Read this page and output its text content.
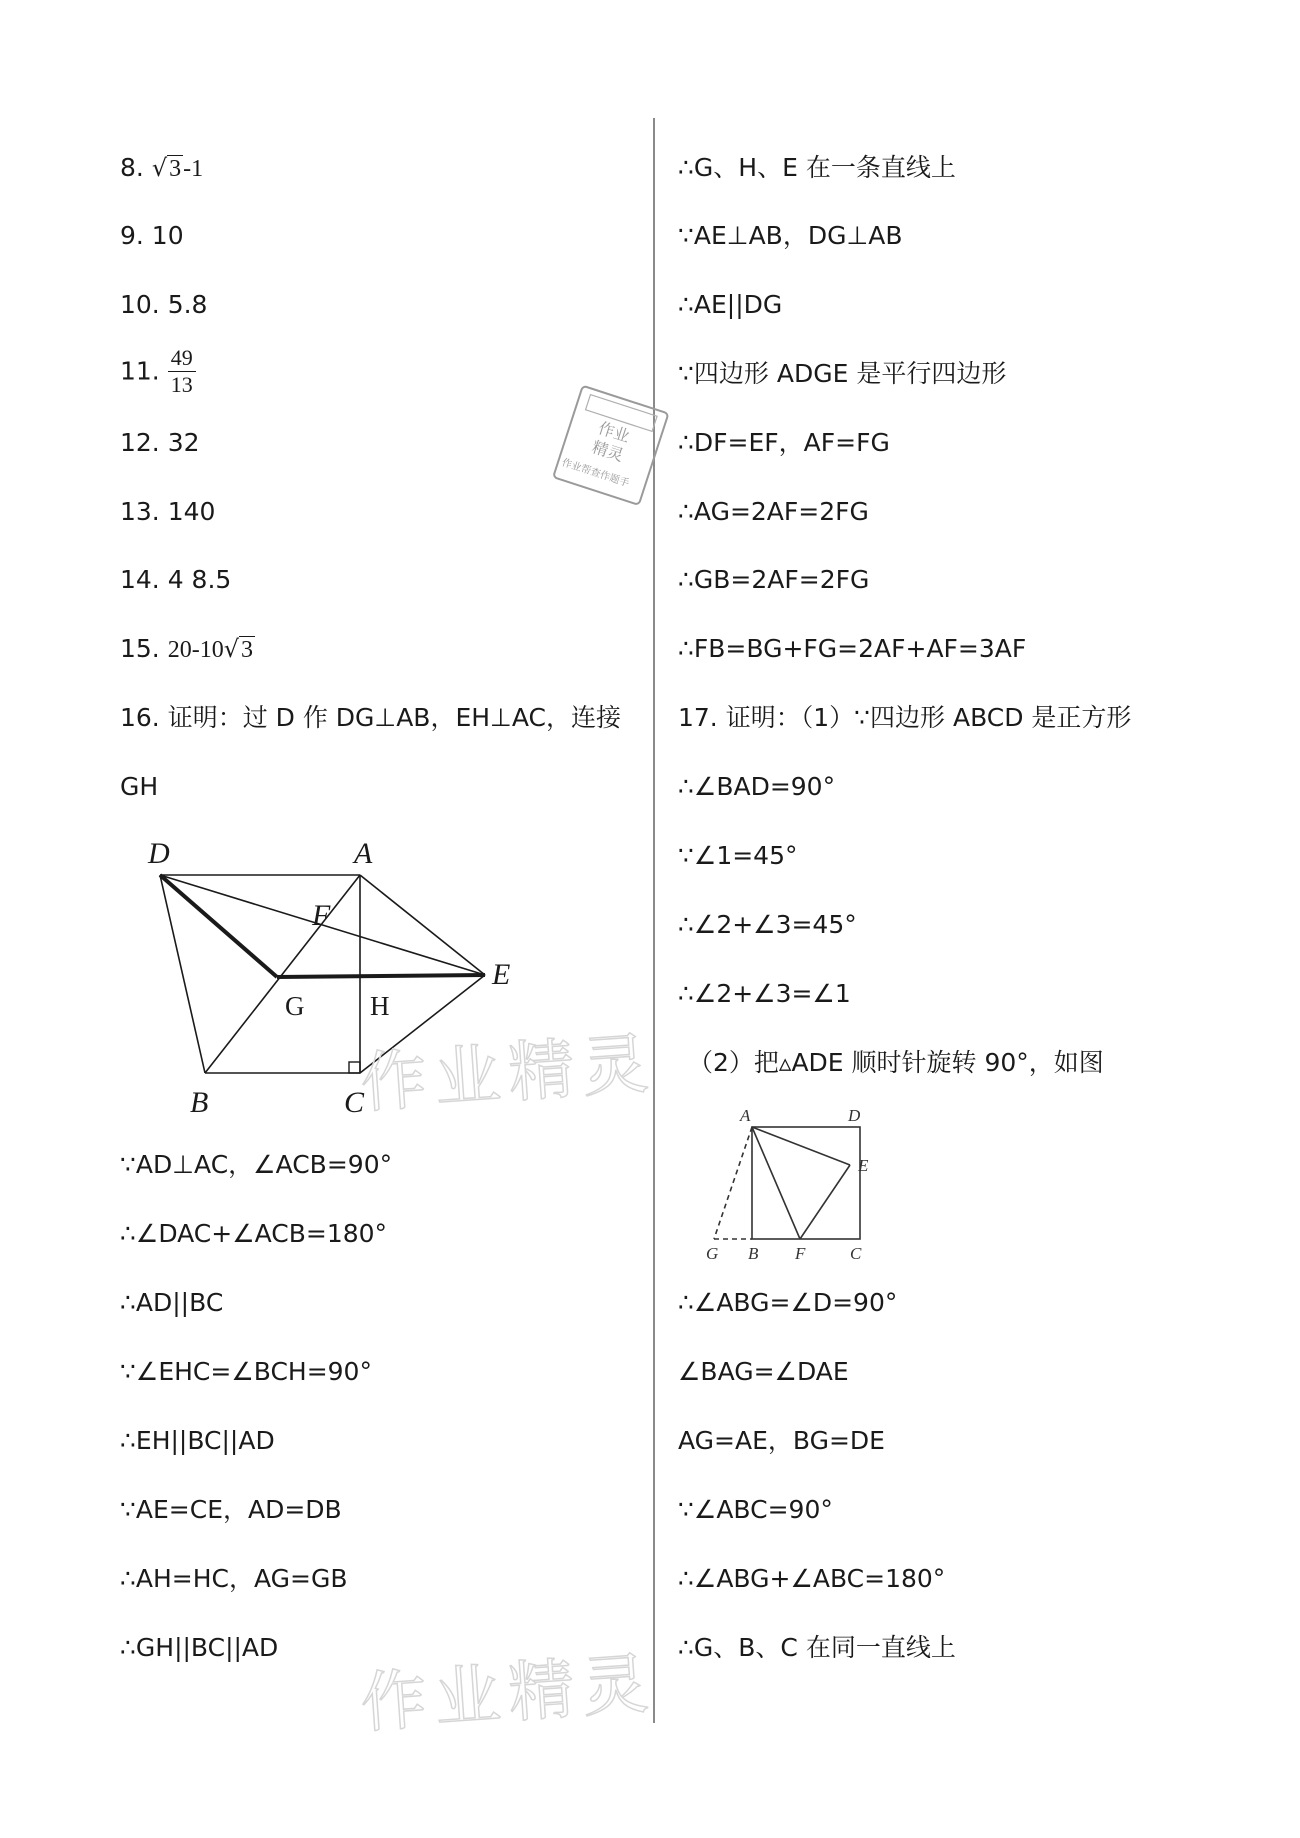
8. √3-1
9. 10
10. 5.8
11. $\frac{49}{13}$
12. 32
13. 140
14. 4 8.5
15. 20-10√3
16. 证明：过 D 作 DG⊥AB，EH⊥AC，连接
GH
D	A
F
E
B	C
G H
∵AD⊥AC，∠ACB=90°
∴∠DAC+∠ACB=180°
∴AD||BC
∵∠EHC=∠BCH=90°
∴EH||BC||AD
∵AE=CE，AD=DB
∴AH=HC，AG=GB
∴GH||BC||AD
∴G、H、E 在一条直线上
∵AE⊥AB，DG⊥AB
∴AE||DG
∵四边形 ADGE 是平行四边形
∴DF=EF，AF=FG
∴AG=2AF=2FG
∴GB=2AF=2FG
∴FB=BG+FG=2AF+AF=3AF
17. 证明：（1）∵四边形 ABCD 是正方形
∴∠BAD=90°
∵∠1=45°
∴∠2+∠3=45°
∴∠2+∠3=∠1
（2）把▵ADE 顺时针旋转 90°，如图
A	D
E
G B F	C
∴∠ABG=∠D=90°
∠BAG=∠DAE
AG=AE，BG=DE
∵∠ABC=90°
∴∠ABG+∠ABC=180°
∴G、B、C 在同一直线上
作业精灵
作业精灵
作业
精灵
作业帮查作题手
